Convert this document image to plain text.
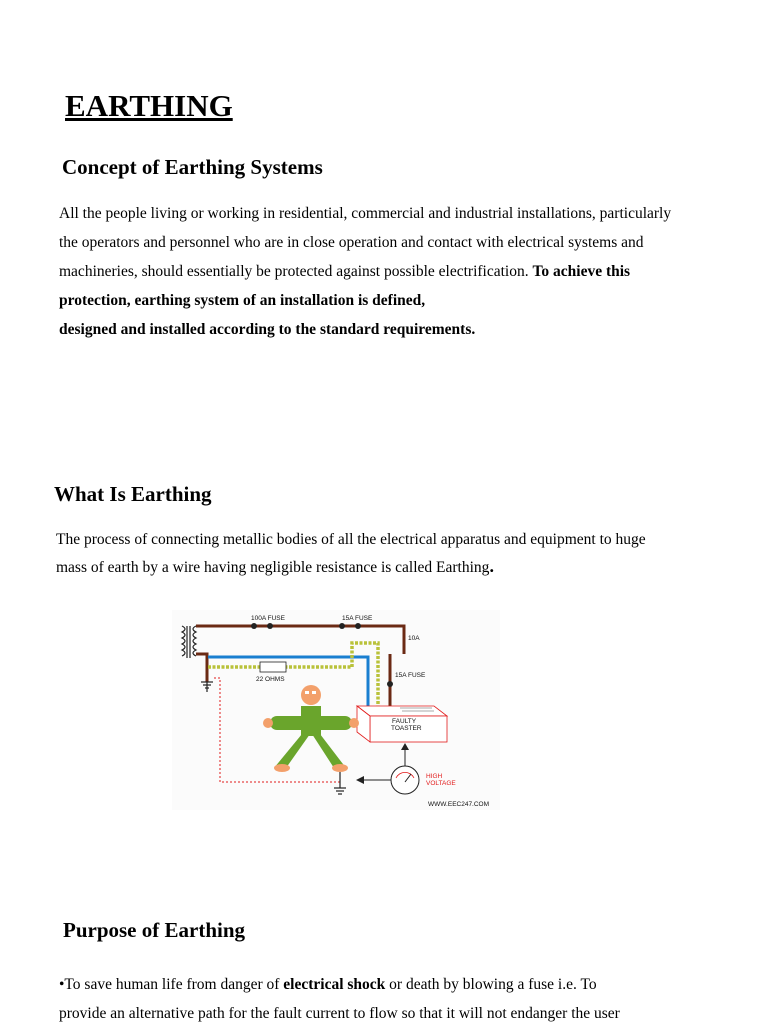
EARTHING
Concept of Earthing Systems

All the people living or working in residential, commercial and industrial installations, particularly

the operators and personnel who are in close operation and contact with electrical systems and

machineries, should essentially be protected against possible electrification. To achieve this

protection, earthing system of an installation is defined,

designed and installed according to the standard requirements.

What Is Earthing

The process of connecting metallic bodies of all the electrical apparatus and equipment to huge

mass of earth by a wire having negligible resistance is called Earthing.

100A FUSE	15A FUSE
10A
22 OHMS
15A FUSE
FAULTY
TOASTER
HIGH
VOLTAGE
WWW.EEC247.COM
Purpose of Earthing

•To save human life from danger of electrical shock or death by blowing a fuse i.e. To

provide an alternative path for the fault current to flow so that it will not endanger the user
